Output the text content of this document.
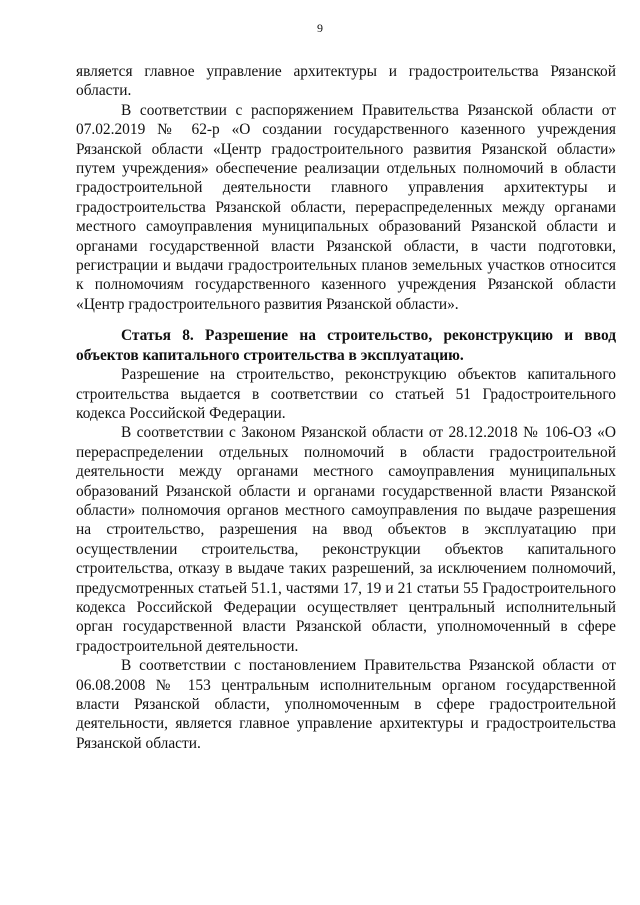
9

является главное управление архитектуры и градостроительства Рязанской области.

В соответствии с распоряжением Правительства Рязанской области от 07.02.2019 № 62-р «О создании государственного казенного учреждения Рязанской области «Центр градостроительного развития Рязанской области» путем учреждения» обеспечение реализации отдельных полномочий в области градостроительной деятельности главного управления архитектуры и градостроительства Рязанской области, перераспределенных между органами местного самоуправления муниципальных образований Рязанской области и органами государственной власти Рязанской области, в части подготовки, регистрации и выдачи градостроительных планов земельных участков относится к полномочиям государственного казенного учреждения Рязанской области «Центр градостроительного развития Рязанской области».

Статья 8. Разрешение на строительство, реконструкцию и ввод объектов капитального строительства в эксплуатацию.

Разрешение на строительство, реконструкцию объектов капитального строительства выдается в соответствии со статьей 51 Градостроительного кодекса Российской Федерации.

В соответствии с Законом Рязанской области от 28.12.2018 № 106-ОЗ «О перераспределении отдельных полномочий в области градостроительной деятельности между органами местного самоуправления муниципальных образований Рязанской области и органами государственной власти Рязанской области» полномочия органов местного самоуправления по выдаче разрешения на строительство, разрешения на ввод объектов в эксплуатацию при осуществлении строительства, реконструкции объектов капитального строительства, отказу в выдаче таких разрешений, за исключением полномочий, предусмотренных статьей 51.1, частями 17, 19 и 21 статьи 55 Градостроительного кодекса Российской Федерации осуществляет центральный исполнительный орган государственной власти Рязанской области, уполномоченный в сфере градостроительной деятельности.

В соответствии с постановлением Правительства Рязанской области от 06.08.2008 № 153 центральным исполнительным органом государственной власти Рязанской области, уполномоченным в сфере градостроительной деятельности, является главное управление архитектуры и градостроительства Рязанской области.
